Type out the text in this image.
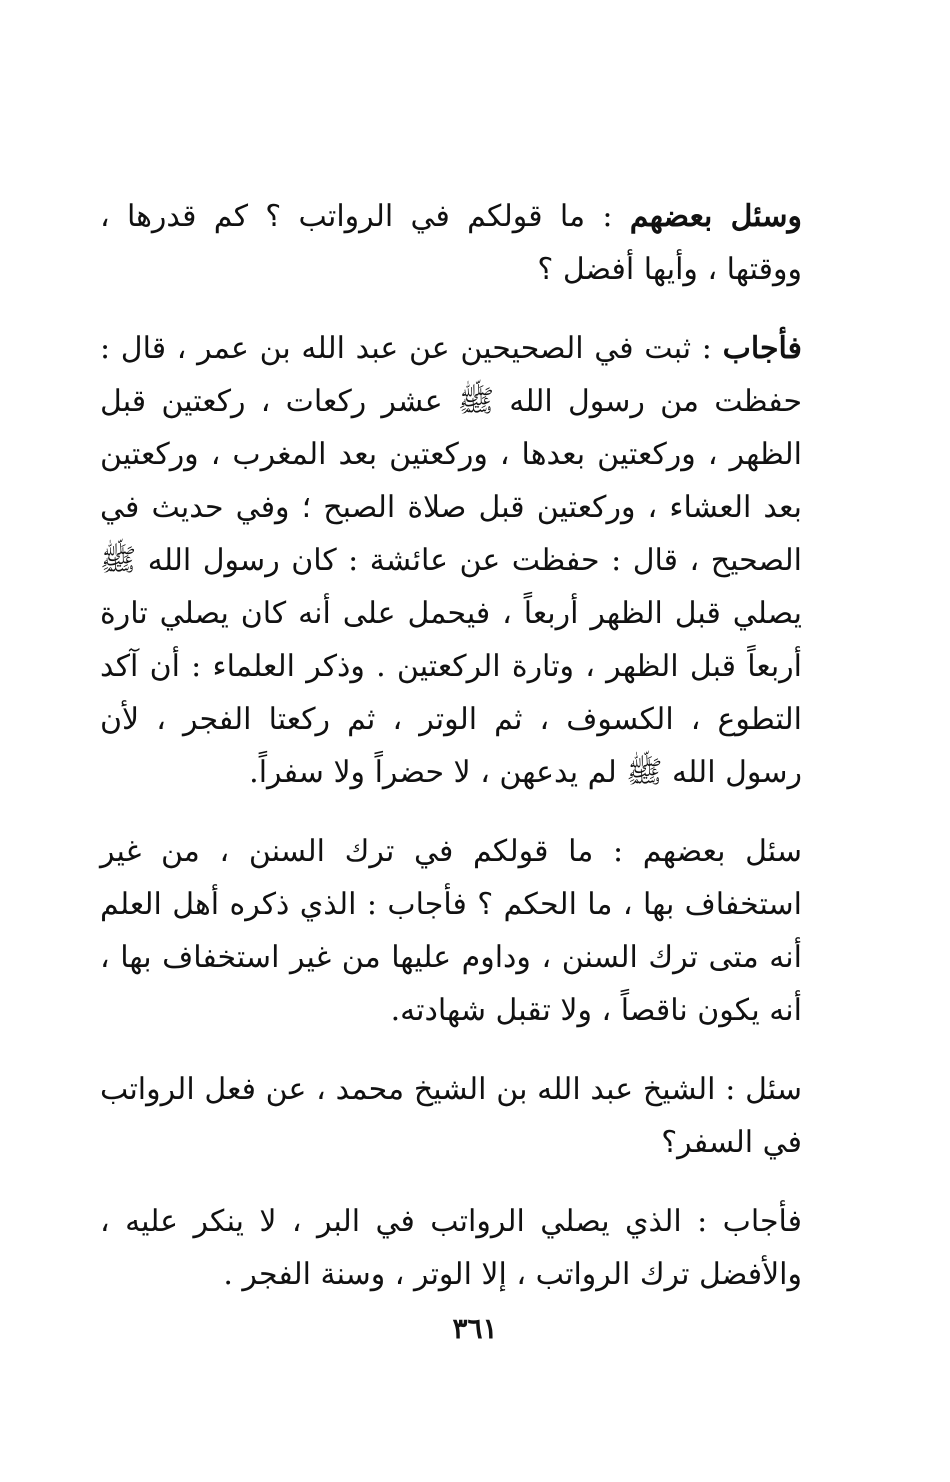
وسئل بعضهم : ما قولكم في الرواتب ؟ كم قدرها ، ووقتها ، وأيها أفضل ؟

فأجاب : ثبت في الصحيحين عن عبد الله بن عمر ، قال : حفظت من رسول الله ﷺ عشر ركعات ، ركعتين قبل الظهر ، وركعتين بعدها ، وركعتين بعد المغرب ، وركعتين بعد العشاء ، وركعتين قبل صلاة الصبح ؛ وفي حديث في الصحيح ، قال : حفظت عن عائشة : كان رسول الله ﷺ يصلي قبل الظهر أربعاً ، فيحمل على أنه كان يصلي تارة أربعاً قبل الظهر ، وتارة الركعتين . وذكر العلماء : أن آكد التطوع ، الكسوف ، ثم الوتر ، ثم ركعتا الفجر ، لأن رسول الله ﷺ لم يدعهن ، لا حضراً ولا سفراً.

سئل بعضهم : ما قولكم في ترك السنن ، من غير استخفاف بها ، ما الحكم ؟ فأجاب : الذي ذكره أهل العلم أنه متى ترك السنن ، وداوم عليها من غير استخفاف بها ، أنه يكون ناقصاً ، ولا تقبل شهادته.

سئل : الشيخ عبد الله بن الشيخ محمد ، عن فعل الرواتب في السفر؟

فأجاب : الذي يصلي الرواتب في البر ، لا ينكر عليه ، والأفضل ترك الرواتب ، إلا الوتر ، وسنة الفجر .

٣٦١
